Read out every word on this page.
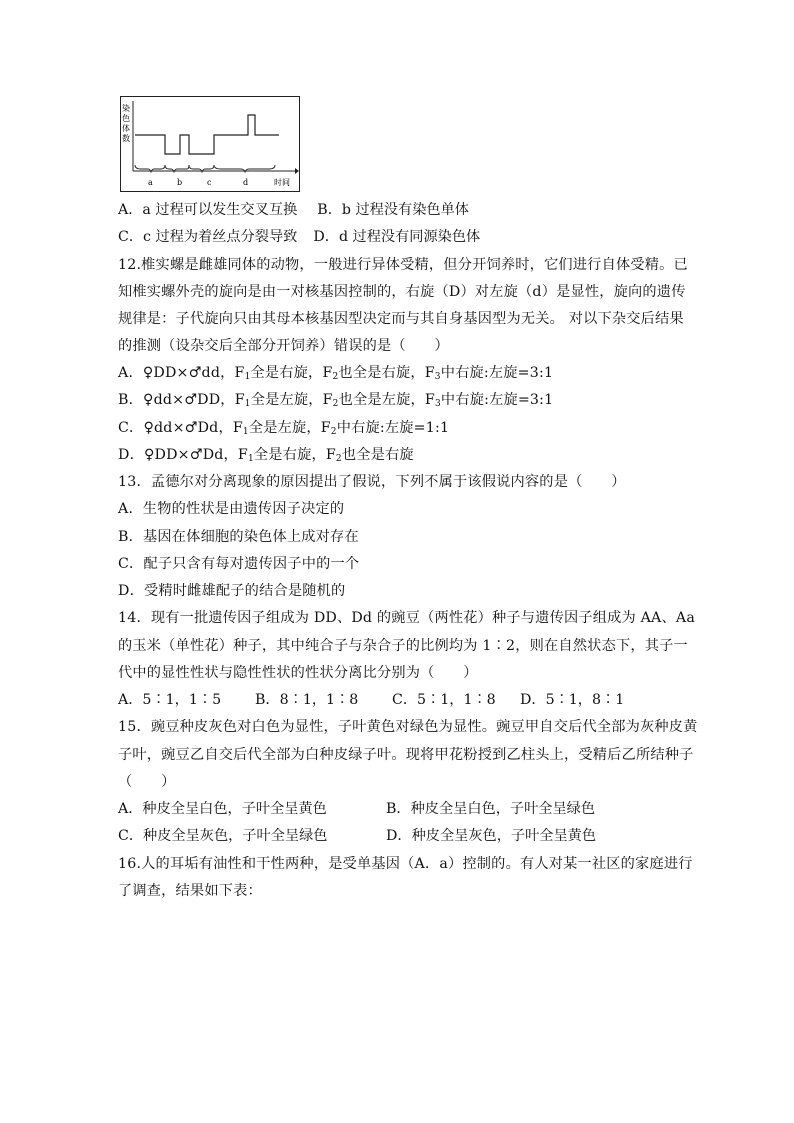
染
色
体
数
a	b	c	d	时间
A．a 过程可以发生交叉互换 B．b 过程没有染色单体
C．c 过程为着丝点分裂导致 D．d 过程没有同源染色体
12.椎实螺是雌雄同体的动物，一般进行异体受精，但分开饲养时，它们进行自体受精。已
知椎实螺外壳的旋向是由一对核基因控制的，右旋（D）对左旋（d）是显性，旋向的遗传
规律是：子代旋向只由其母本核基因型决定而与其自身基因型为无关。 对以下杂交后结果
的推测（设杂交后全部分开饲养）错误的是（　　）
A．♀DD×♂dd，$F_1$全是右旋，$F_2$也全是右旋，$F_3$中右旋:左旋=3:1
B．♀dd×♂DD，$F_1$全是左旋，$F_2$也全是左旋，$F_3$中右旋:左旋=3:1
C．♀dd×♂Dd，$F_1$全是左旋，$F_2$中右旋:左旋=1:1
D．♀DD×♂Dd，$F_1$全是右旋，$F_2$也全是右旋
13．孟德尔对分离现象的原因提出了假说，下列不属于该假说内容的是（　　）
A．生物的性状是由遗传因子决定的
B．基因在体细胞的染色体上成对存在
C．配子只含有每对遗传因子中的一个
D．受精时雌雄配子的结合是随机的
14．现有一批遗传因子组成为 DD、Dd 的豌豆（两性花）种子与遗传因子组成为 AA、Aa
的玉米（单性花）种子，其中纯合子与杂合子的比例均为 1∶2，则在自然状态下，其子一
代中的显性性状与隐性性状的性状分离比分别为（　　）
A．5∶1，1∶5 B．8∶1，1∶8 C．5∶1，1∶8 D．5∶1，8∶1
15．豌豆种皮灰色对白色为显性，子叶黄色对绿色为显性。豌豆甲自交后代全部为灰种皮黄
子叶，豌豆乙自交后代全部为白种皮绿子叶。现将甲花粉授到乙柱头上，受精后乙所结种子
（　　）
A．种皮全呈白色，子叶全呈黄色	B．种皮全呈白色，子叶全呈绿色
C．种皮全呈灰色，子叶全呈绿色	D．种皮全呈灰色，子叶全呈黄色
16.人的耳垢有油性和干性两种，是受单基因（A．a）控制的。有人对某一社区的家庭进行
了调查，结果如下表：
